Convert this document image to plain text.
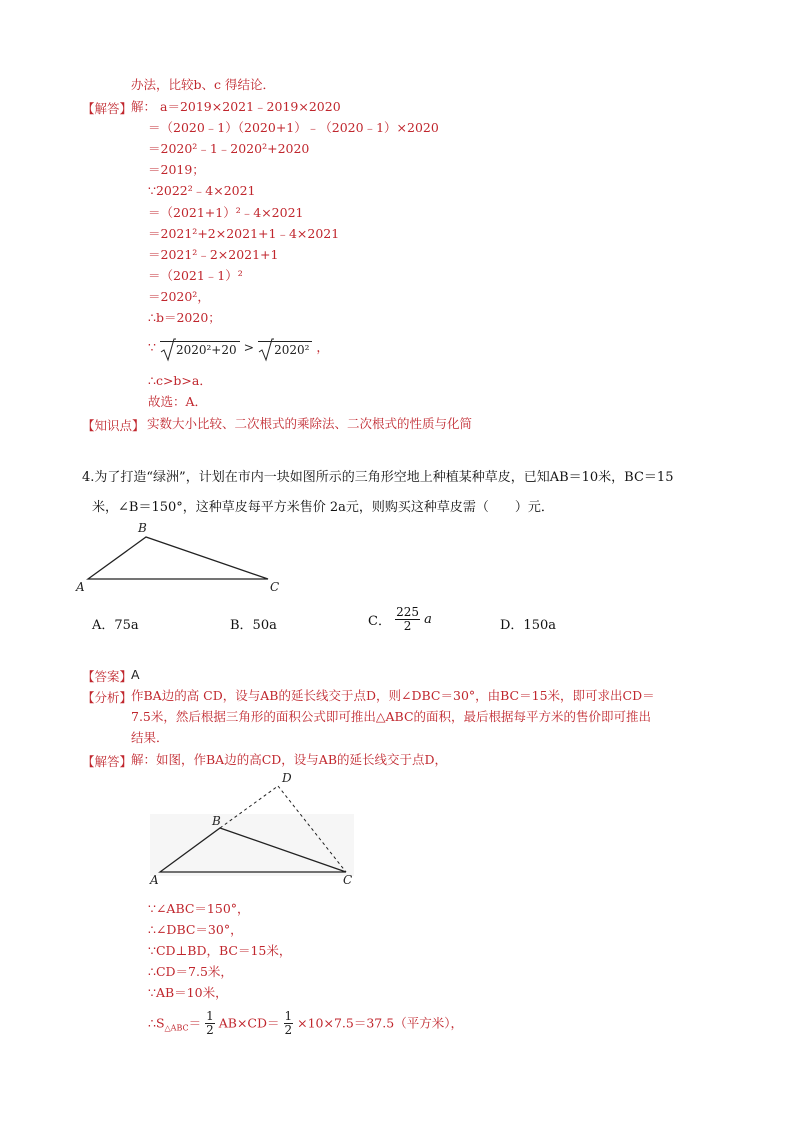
办法，比较b、c 得结论．
【解答】
解： a＝2019×2021﹣2019×2020
＝（2020﹣1）（2020+1）﹣（2020﹣1）×2020
＝2020²﹣1﹣2020²+2020
＝2019；
∵2022²﹣4×2021
＝（2021+1）²﹣4×2021
＝2021²+2×2021+1﹣4×2021
＝2021²﹣2×2021+1
＝（2021﹣1）²
＝2020²，
∴b＝2020；
∵ 2020²+20 > 2020² ，
∴c>b>a．
故选：A．
【知识点】 实数大小比较、二次根式的乘除法、二次根式的性质与化简
4.为了打造“绿洲”，计划在市内一块如图所示的三角形空地上种植某种草皮，已知AB＝10米，BC＝15
米，∠B＝150°，这种草皮每平方米售价 2a元，则购买这种草皮需（　　）元．
B
A	C
A．75a	B．50a	C． $\frac{225}{2}$ a	D．150a
【答案】
A
【分析】
作BA边的高 CD，设与AB的延长线交于点D，则∠DBC＝30°，由BC＝15米，即可求出CD＝
7.5米，然后根据三角形的面积公式即可推出△ABC的面积，最后根据每平方米的售价即可推出
结果．
【解答】
解：如图，作BA边的高CD，设与AB的延长线交于点D，
D
B
A	C
∵∠ABC＝150°，
∴∠DBC＝30°，
∵CD⊥BD，BC＝15米，
∴CD＝7.5米，
∵AB＝10米，
$\therefore S_{\triangle ABC}= \frac{1}{2} AB\times CD= \frac{1}{2} \times 10\times 7.5=37.5$（平方米），
